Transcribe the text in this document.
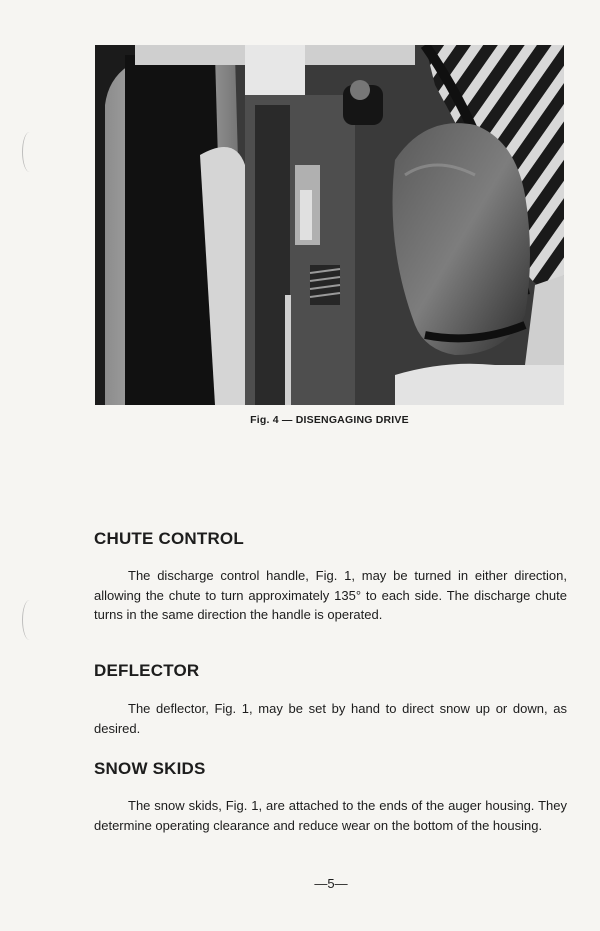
Fig. 4 — DISENGAGING DRIVE
CHUTE CONTROL

The discharge control handle, Fig. 1, may be turned in either direction, allowing the chute to turn approximately 135° to each side. The discharge chute turns in the same direction the handle is operated.

DEFLECTOR

The deflector, Fig. 1, may be set by hand to direct snow up or down, as desired.

SNOW SKIDS

The snow skids, Fig. 1, are attached to the ends of the auger housing. They determine operating clearance and reduce wear on the bottom of the housing.

—5—
